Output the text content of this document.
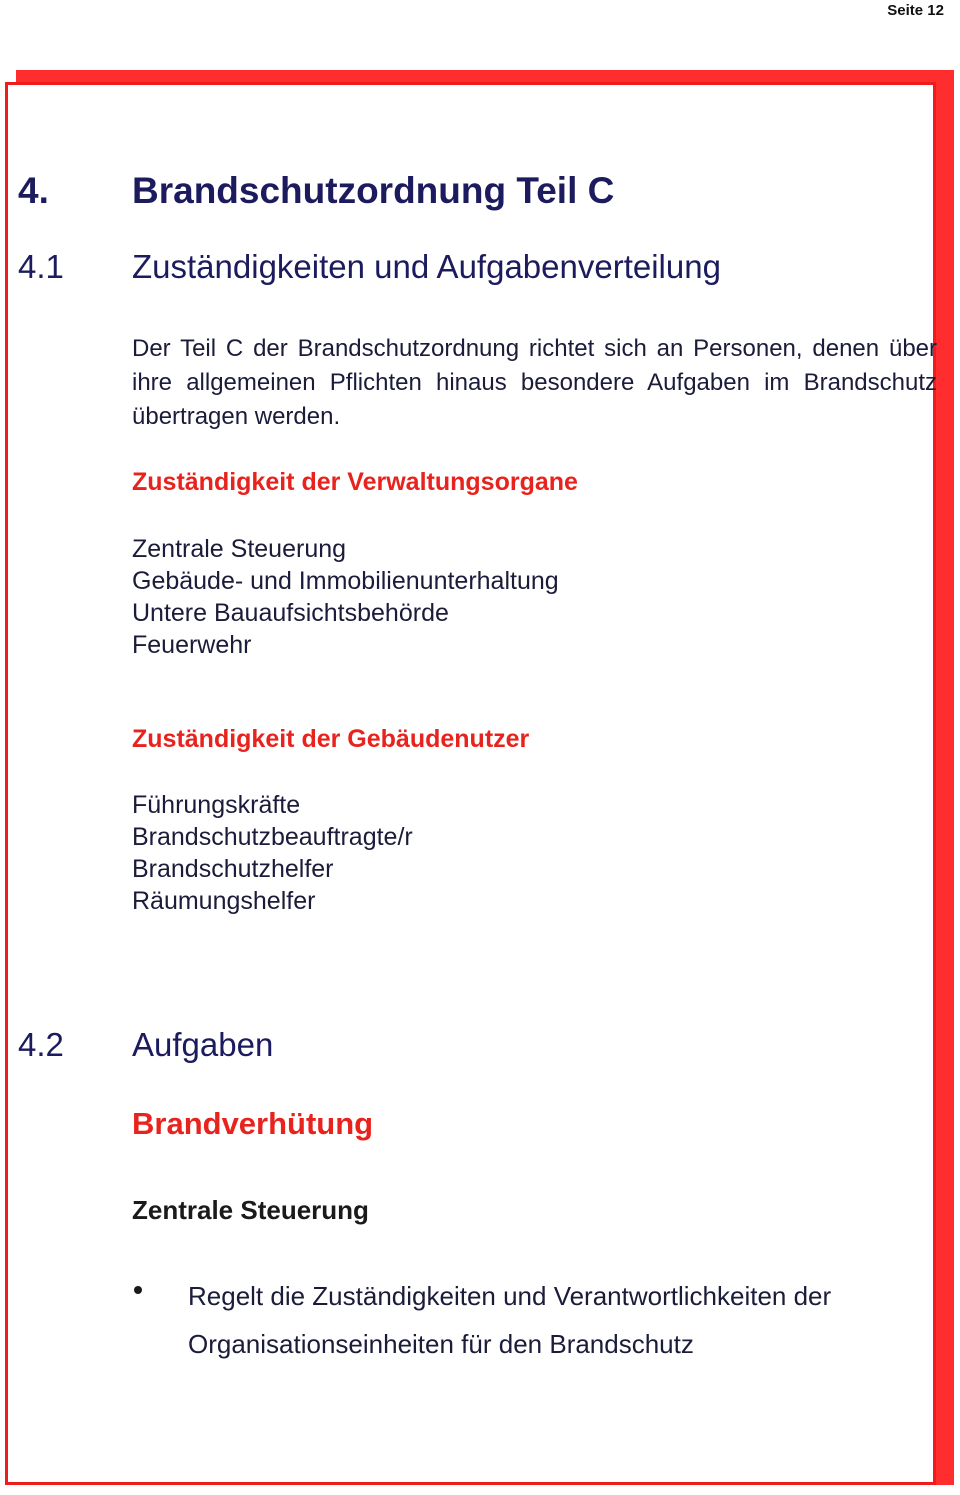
Seite 12
4. Brandschutzordnung Teil C
4.1 Zuständigkeiten und Aufgabenverteilung
Der Teil C der Brandschutzordnung richtet sich an Personen, denen über ihre allgemeinen Pflichten hinaus besondere Aufgaben im Brandschutz übertragen werden.
Zuständigkeit der Verwaltungsorgane
Zentrale Steuerung
Gebäude- und Immobilienunterhaltung
Untere Bauaufsichtsbehörde
Feuerwehr
Zuständigkeit der Gebäudenutzer
Führungskräfte
Brandschutzbeauftragte/r
Brandschutzhelfer
Räumungshelfer
4.2 Aufgaben
Brandverhütung
Zentrale Steuerung
Regelt die Zuständigkeiten und Verantwortlichkeiten der Organisationseinheiten für den Brandschutz
